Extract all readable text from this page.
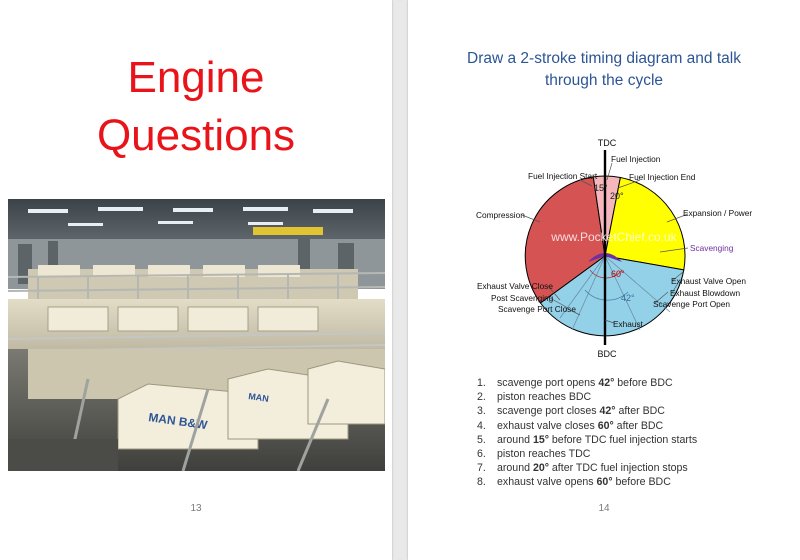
Engine
Questions
MAN B&W
MAN
13
Draw a 2-stroke timing diagram and talk
through the cycle
14
www.PocketChief.co.uk
15°
20°
60°
42°
TDC
BDC
Fuel Injection
Fuel Injection Start	Fuel Injection End
Compression	Expansion / Power
Scavenging
Exhaust Valve Open
Exhaust Blowdown
Scavenge Port Open
Exhaust Valve Close
Post Scavenging
Scavenge Port Close
Exhaust
1. scavenge port opens 42° before BDC
2. piston reaches BDC
3. scavenge port closes 42° after BDC
4. exhaust valve closes 60° after BDC
5. around 15° before TDC fuel injection starts
6. piston reaches TDC
7. around 20° after TDC fuel injection stops
8. exhaust valve opens 60° before BDC
